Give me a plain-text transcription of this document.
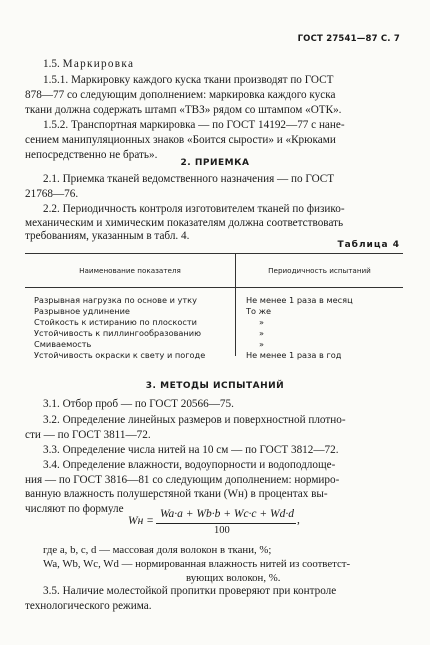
ГОСТ 27541—87 С. 7
1.5. Маркировка
1.5.1. Маркировку каждого куска ткани производят по ГОСТ
878—77 со следующим дополнением: маркировка каждого куска
ткани должна содержать штамп «ТВЗ» рядом со штампом «ОТК».
1.5.2. Транспортная маркировка — по ГОСТ 14192—77 с нане-
сением манипуляционных знаков «Боится сырости» и «Крюками
непосредственно не брать».
2. ПРИЕМКА
2.1. Приемка тканей ведомственного назначения — по ГОСТ
21768—76.
2.2. Периодичность контроля изготовителем тканей по физико-
механическим и химическим показателям должна соответствовать
требованиям, указанным в табл. 4.
Таблица 4
Наименование показателя	Периодичность испытаний
Разрывная нагрузка по основе и утку	Не менее 1 раза в месяц
Разрывное удлинение	То же
Стойкость к истиранию по плоскости	»
Устойчивость к пиллингообразованию	»
Смиваемость	»
Устойчивость окраски к свету и погоде	Не менее 1 раза в год
3. МЕТОДЫ ИСПЫТАНИЙ
3.1. Отбор проб — по ГОСТ 20566—75.
3.2. Определение линейных размеров и поверхностной плотно-
сти — по ГОСТ 3811—72.
3.3. Определение числа нитей на 10 см — по ГОСТ 3812—72.
3.4. Определение влажности, водоупорности и водоподлоще-
ния — по ГОСТ 3816—81 со следующим дополнением: нормиро-
ванную влажность полушерстяной ткани (Wн) в процентах вы-
числяют по формуле
Wн =
Wa·a + Wb·b + Wc·c + Wd·d ,
100
где a, b, c, d — массовая доля волокон в ткани, %;
Wa, Wb, Wc, Wd — нормированная влажность нитей из соответст-
вующих волокон, %.
3.5. Наличие молестойкой пропитки проверяют при контроле
технологического режима.
